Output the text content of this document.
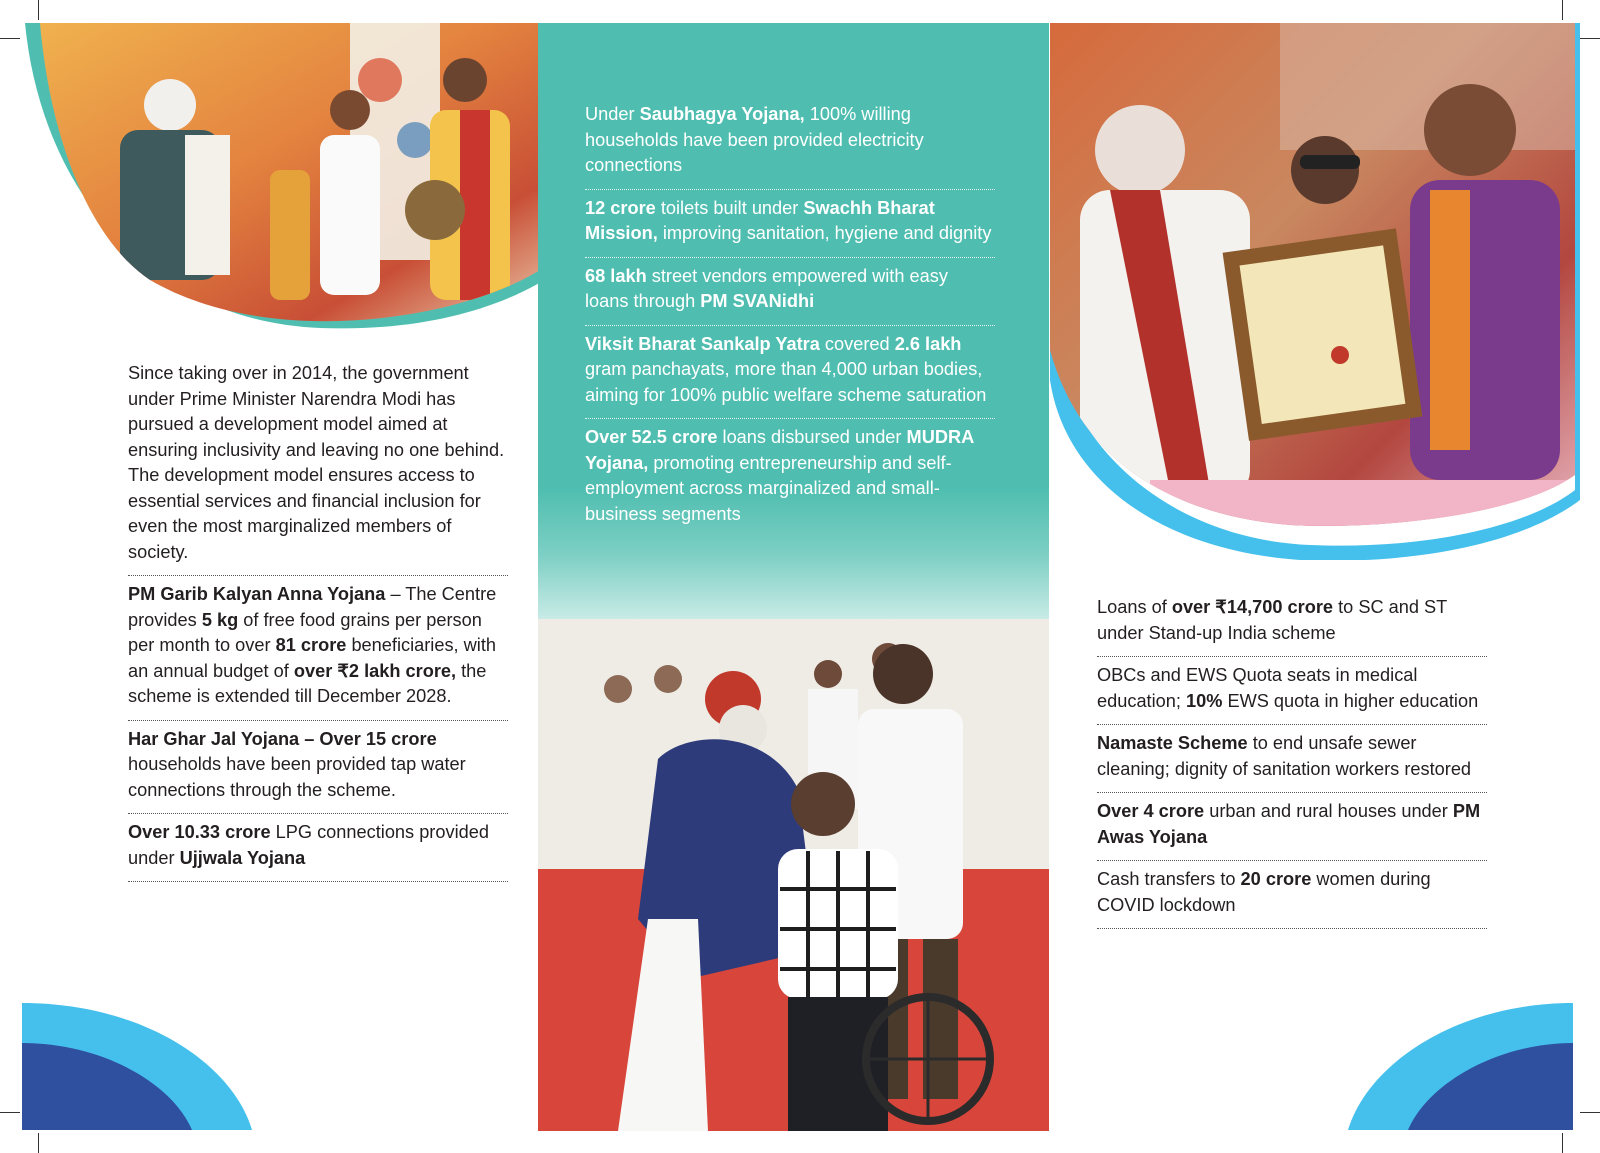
Since taking over in 2014, the government under Prime Minister Narendra Modi has pursued a development model aimed at ensuring inclusivity and leaving no one behind. The development model ensures access to essential services and financial inclusion for even the most marginalized members of society.
PM Garib Kalyan Anna Yojana – The Centre provides 5 kg of free food grains per person per month to over 81 crore beneficiaries, with an annual budget of over ₹2 lakh crore, the scheme is extended till December 2028.
Har Ghar Jal Yojana – Over 15 crore households have been provided tap water connections through the scheme.
Over 10.33 crore LPG connections provided under Ujjwala Yojana
Under Saubhagya Yojana, 100% willing households have been provided electricity connections
12 crore toilets built under Swachh Bharat Mission, improving sanitation, hygiene and dignity
68 lakh street vendors empowered with easy loans through PM SVANidhi
Viksit Bharat Sankalp Yatra covered 2.6 lakh gram panchayats, more than 4,000 urban bodies, aiming for 100% public welfare scheme saturation
Over 52.5 crore loans disbursed under MUDRA Yojana, promoting entrepreneurship and self-employment across marginalized and small-business segments
Loans of over ₹14,700 crore to SC and ST under Stand-up India scheme
OBCs and EWS Quota seats in medical education; 10% EWS quota in higher education
Namaste Scheme to end unsafe sewer cleaning; dignity of sanitation workers restored
Over 4 crore urban and rural houses under PM Awas Yojana
Cash transfers to 20 crore women during COVID lockdown
